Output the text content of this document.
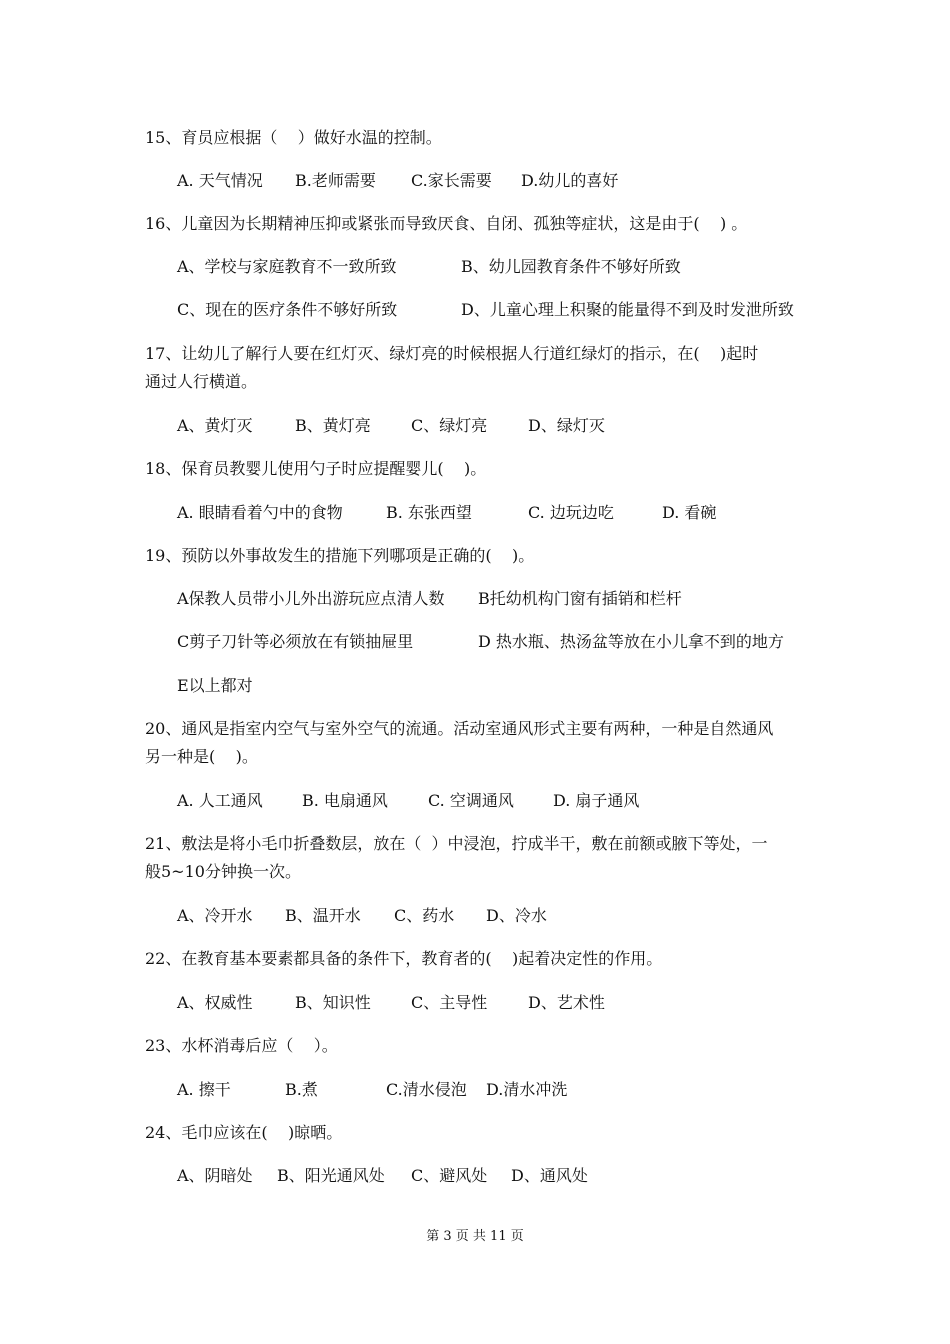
15、育员应根据（    ）做好水温的控制。
A. 天气情况 B.老师需要 C.家长需要 D.幼儿的喜好
16、儿童因为长期精神压抑或紧张而导致厌食、自闭、孤独等症状，这是由于(    ) 。
A、学校与家庭教育不一致所致	B、幼儿园教育条件不够好所致
C、现在的医疗条件不够好所致	D、儿童心理上积聚的能量得不到及时发泄所致
17、让幼儿了解行人要在红灯灭、绿灯亮的时候根据人行道红绿灯的指示，在(    )起时
通过人行横道。
A、黄灯灭	B、黄灯亮	C、绿灯亮	D、绿灯灭
18、保育员教婴儿使用勺子时应提醒婴儿(    )。
A. 眼睛看着勺中的食物	B. 东张西望	C. 边玩边吃	D. 看碗
19、预防以外事故发生的措施下列哪项是正确的(    )。
A保教人员带小儿外出游玩应点清人数 B托幼机构门窗有插销和栏杆
C剪子刀针等必须放在有锁抽屉里	D 热水瓶、热汤盆等放在小儿拿不到的地方
E以上都对
20、通风是指室内空气与室外空气的流通。活动室通风形式主要有两种，一种是自然通风
另一种是(    )。
A. 人工通风 B. 电扇通风	C. 空调通风 D. 扇子通风
21、敷法是将小毛巾折叠数层，放在（  ）中浸泡，拧成半干，敷在前额或腋下等处，一
般5~10分钟换一次。
A、冷开水 B、温开水 C、药水 D、冷水
22、在教育基本要素都具备的条件下，教育者的(    )起着决定性的作用。
A、权威性	B、知识性	C、主导性	D、艺术性
23、水杯消毒后应（    ）。
A. 擦干	B.煮	C.清水侵泡 D.清水冲洗
24、毛巾应该在(    )晾晒。
A、阴暗处 B、阳光通风处 C、避风处 D、通风处
第 3 页 共 11 页
